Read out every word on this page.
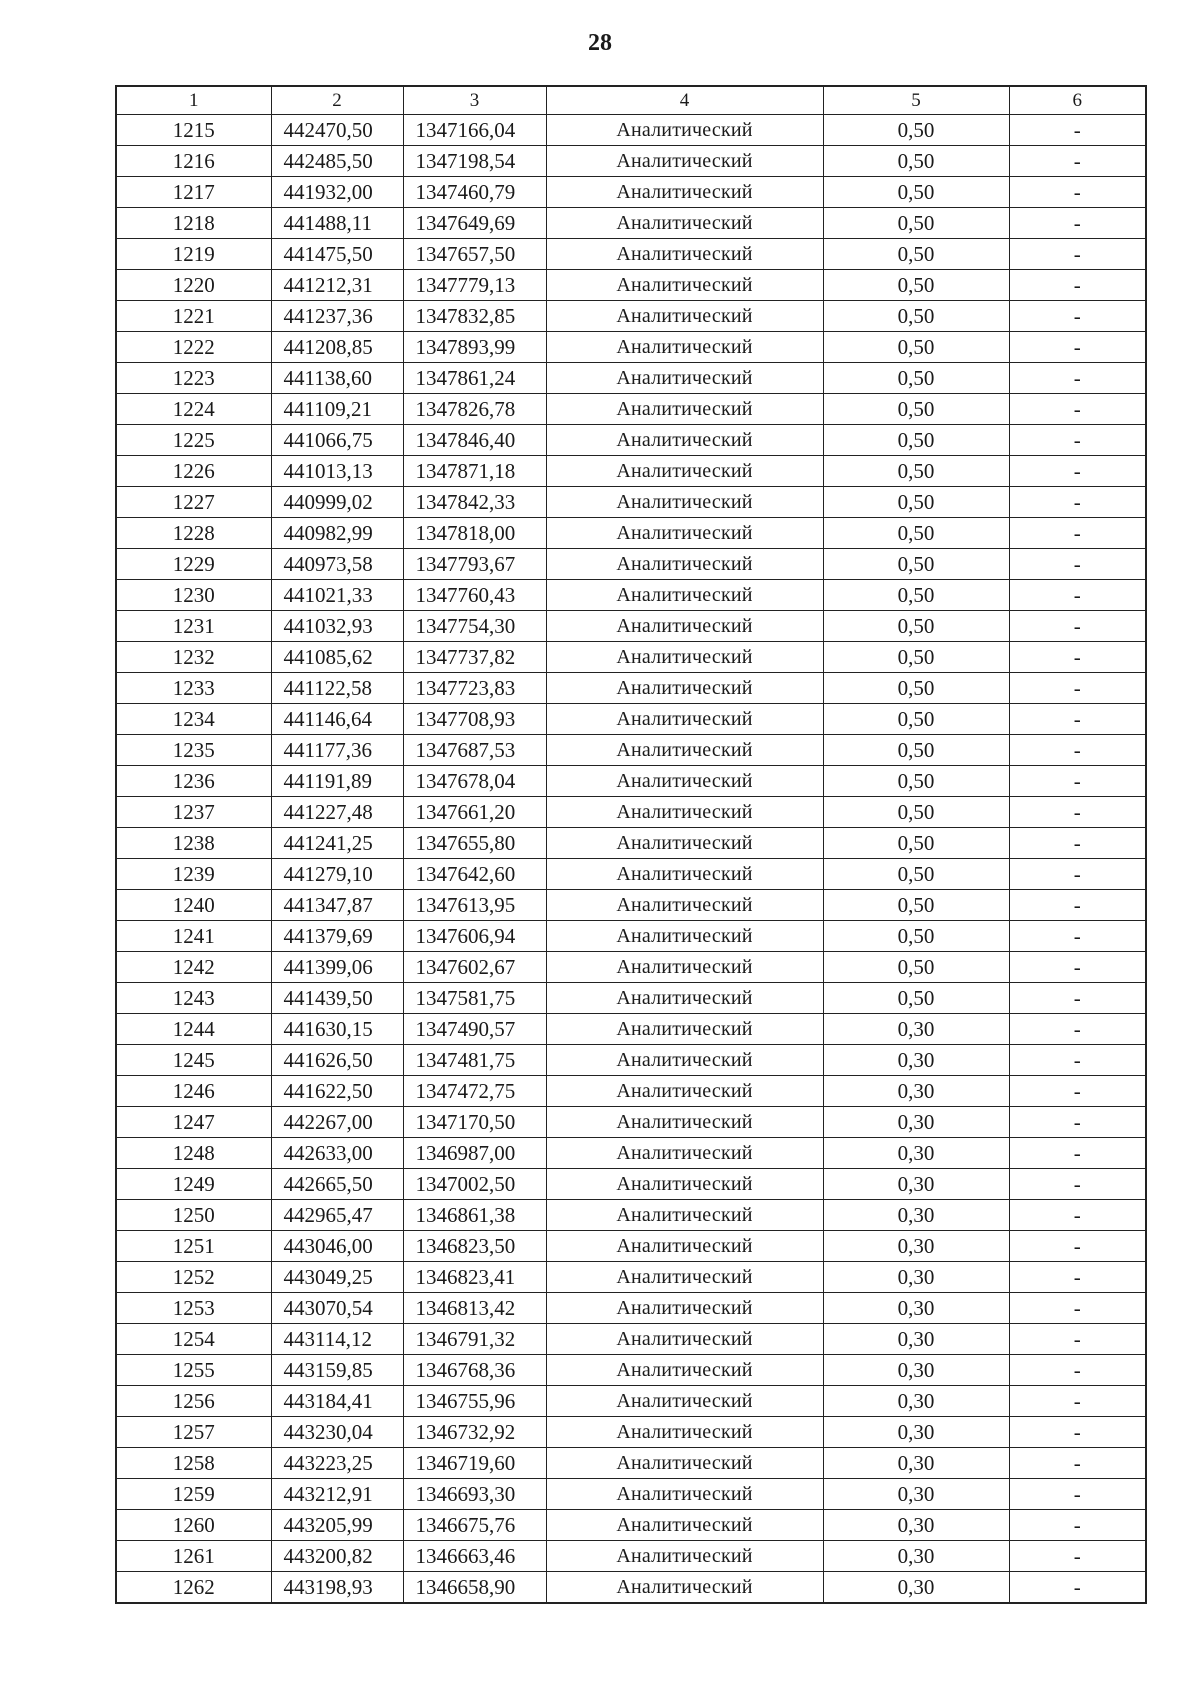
28
1	2	3	4	5	6
1215	442470,50	1347166,04	Аналитический	0,50	-
1216	442485,50	1347198,54	Аналитический	0,50	-
1217	441932,00	1347460,79	Аналитический	0,50	-
1218	441488,11	1347649,69	Аналитический	0,50	-
1219	441475,50	1347657,50	Аналитический	0,50	-
1220	441212,31	1347779,13	Аналитический	0,50	-
1221	441237,36	1347832,85	Аналитический	0,50	-
1222	441208,85	1347893,99	Аналитический	0,50	-
1223	441138,60	1347861,24	Аналитический	0,50	-
1224	441109,21	1347826,78	Аналитический	0,50	-
1225	441066,75	1347846,40	Аналитический	0,50	-
1226	441013,13	1347871,18	Аналитический	0,50	-
1227	440999,02	1347842,33	Аналитический	0,50	-
1228	440982,99	1347818,00	Аналитический	0,50	-
1229	440973,58	1347793,67	Аналитический	0,50	-
1230	441021,33	1347760,43	Аналитический	0,50	-
1231	441032,93	1347754,30	Аналитический	0,50	-
1232	441085,62	1347737,82	Аналитический	0,50	-
1233	441122,58	1347723,83	Аналитический	0,50	-
1234	441146,64	1347708,93	Аналитический	0,50	-
1235	441177,36	1347687,53	Аналитический	0,50	-
1236	441191,89	1347678,04	Аналитический	0,50	-
1237	441227,48	1347661,20	Аналитический	0,50	-
1238	441241,25	1347655,80	Аналитический	0,50	-
1239	441279,10	1347642,60	Аналитический	0,50	-
1240	441347,87	1347613,95	Аналитический	0,50	-
1241	441379,69	1347606,94	Аналитический	0,50	-
1242	441399,06	1347602,67	Аналитический	0,50	-
1243	441439,50	1347581,75	Аналитический	0,50	-
1244	441630,15	1347490,57	Аналитический	0,30	-
1245	441626,50	1347481,75	Аналитический	0,30	-
1246	441622,50	1347472,75	Аналитический	0,30	-
1247	442267,00	1347170,50	Аналитический	0,30	-
1248	442633,00	1346987,00	Аналитический	0,30	-
1249	442665,50	1347002,50	Аналитический	0,30	-
1250	442965,47	1346861,38	Аналитический	0,30	-
1251	443046,00	1346823,50	Аналитический	0,30	-
1252	443049,25	1346823,41	Аналитический	0,30	-
1253	443070,54	1346813,42	Аналитический	0,30	-
1254	443114,12	1346791,32	Аналитический	0,30	-
1255	443159,85	1346768,36	Аналитический	0,30	-
1256	443184,41	1346755,96	Аналитический	0,30	-
1257	443230,04	1346732,92	Аналитический	0,30	-
1258	443223,25	1346719,60	Аналитический	0,30	-
1259	443212,91	1346693,30	Аналитический	0,30	-
1260	443205,99	1346675,76	Аналитический	0,30	-
1261	443200,82	1346663,46	Аналитический	0,30	-
1262	443198,93	1346658,90	Аналитический	0,30	-
